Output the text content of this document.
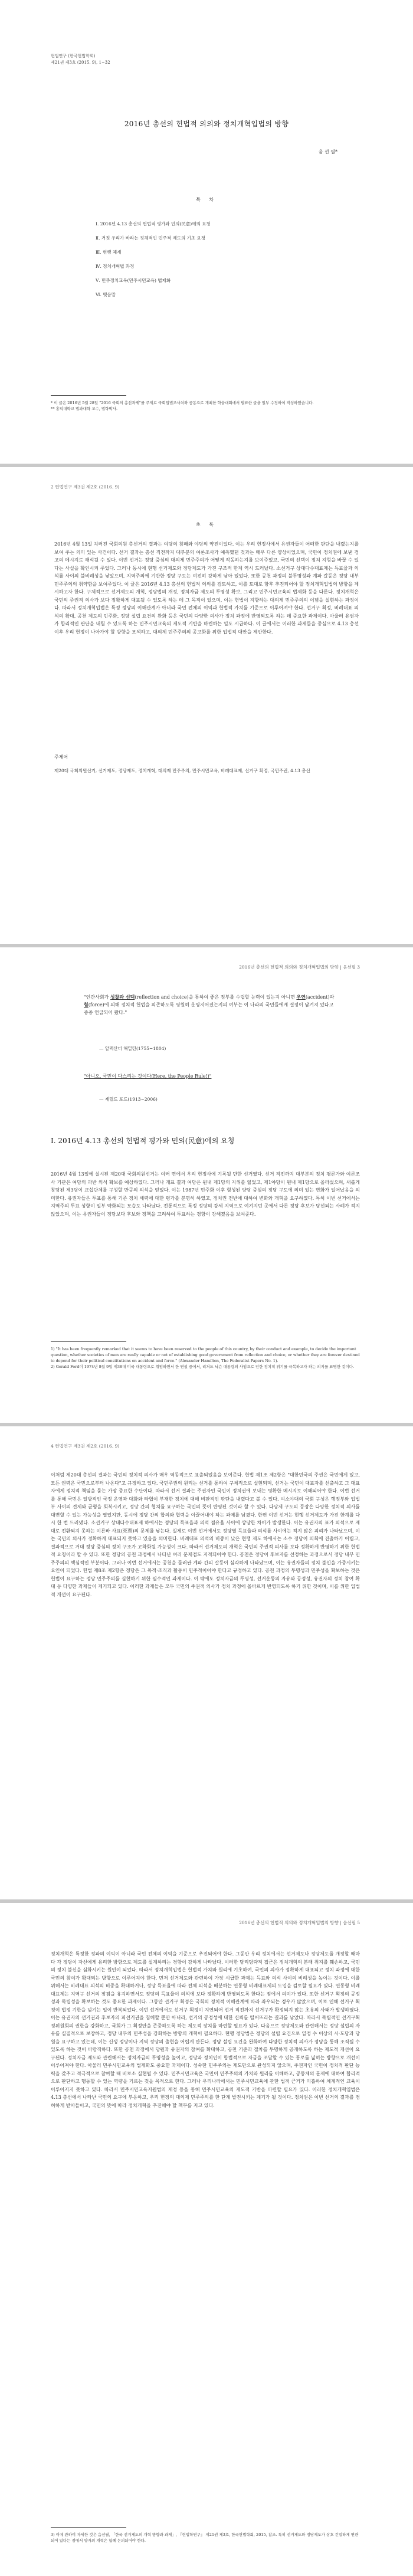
현법연구 (한국헌법학회)
제21권 제3호 (2015. 9), 1~32
2016년 총선의 헌법적 의의와 정치개혁입법의 방향
음 선 필*
목 차
Ⅰ. 2016년 4.13 총선의 헌법적 평가와 민의(民意)에의 요청
Ⅱ. 거짓 우리가 바라는 정체적인 민주적 제도의 기초 요청
Ⅲ. 현행 체계
Ⅳ. 정치개혁법 과정
Ⅴ. 민주정치교육(민주시민교육) 법제화
Ⅵ. 맺음말
* 이 글은 2016년 5월 28일 "2016 국회의 총선과제"를 주제로 국회입법조사처와 공동으로 개최한 학술대회에서 발표한 글을 일부 수정하여 작성하였습니다.
** 홍익대학교 법과대학 교수, 법학박사.
2 헌법연구 제3권 제2호 (2016. 9)
초 록
2016년 4월 13일 치러진 국회의원 총선거의 결과는 여당의 참패와 야당의 약진이었다. 이는 우리 헌정사에서 유권자들이 어떠한 판단을 내렸는지를 보여 주는 의미 있는 사건이다. 선거 결과는 총선 직전까지 대부분의 여론조사가 예측했던 것과는 매우 다른 양상이었으며, 국민이 정치권에 보낸 경고의 메시지로 해석될 수 있다. 이번 선거는 정당 중심의 대의제 민주주의가 어떻게 작동하는지를 보여주었고, 국민의 선택이 정치 지형을 바꿀 수 있다는 사실을 확인시켜 주었다. 그러나 동시에 현행 선거제도와 정당제도가 가진 구조적 한계 역시 드러났다. 소선거구 상대다수대표제는 득표율과 의석률 사이의 불비례성을 낳았으며, 지역주의에 기반한 정당 구도는 여전히 강하게 남아 있었다. 또한 공천 과정의 불투명성과 계파 갈등은 정당 내부 민주주의의 취약함을 보여주었다. 이 글은 2016년 4.13 총선의 헌법적 의의를 검토하고, 이를 토대로 향후 추진되어야 할 정치개혁입법의 방향을 제시하고자 한다. 구체적으로 선거제도의 개혁, 정당법의 개정, 정치자금 제도의 투명성 확보, 그리고 민주시민교육의 법제화 등을 다룬다. 정치개혁은 국민의 주권적 의사가 보다 정확하게 대표될 수 있도록 하는 데 그 목적이 있으며, 이는 헌법이 지향하는 대의제 민주주의의 이념을 실현하는 과정이다. 따라서 정치개혁입법은 특정 정당의 이해관계가 아니라 국민 전체의 이익과 헌법적 가치를 기준으로 이루어져야 한다. 선거구 획정, 비례대표 의석의 확대, 공천 제도의 민주화, 정당 설립 요건의 완화 등은 국민의 다양한 의사가 정치 과정에 반영되도록 하는 데 중요한 과제이다. 아울러 유권자가 합리적인 판단을 내릴 수 있도록 하는 민주시민교육의 제도적 기반을 마련하는 일도 시급하다. 이 글에서는 이러한 과제들을 중심으로 4.13 총선 이후 우리 헌정이 나아가야 할 방향을 모색하고, 대의제 민주주의의 공고화를 위한 입법적 대안을 제안한다.
주제어
제20대 국회의원선거, 선거제도, 정당제도, 정치개혁, 대의제 민주주의, 민주시민교육, 비례대표제, 선거구 획정, 국민주권, 4.13 총선
2016년 총선의 헌법적 의의와 정치개혁입법의 방향 | 음선필 3
"인간사회가 성찰과 선택(reflection and choice)을 통하여 좋은 정부를 수립할 능력이 있는지 아니면 우연(accident)과 힘(force)에 의해 정치적 헌법을 의존하도록 영원히 운명지어졌는지의 여부는 이 나라의 국민들에게 결정이 남겨져 있다고 종종 언급되어 왔다."
— 알렉산더 해밀턴(1755~1804)
"아니오, 국민이 다스리는 것이다(Here, the People Rule!)"
— 제럴드 포드(1913~2006)
Ⅰ. 2016년 4.13 총선의 헌법적 평가와 민의(民意)에의 요청
2016년 4월 13일에 실시된 제20대 국회의원선거는 여러 면에서 우리 헌정사에 기록될 만한 선거였다. 선거 직전까지 대부분의 정치 평론가와 여론조사 기관은 여당의 과반 의석 확보를 예상하였다. 그러나 개표 결과 여당은 원내 제1당의 지위를 잃었고, 제1야당이 원내 제1당으로 올라섰으며, 새롭게 창당된 제3당이 교섭단체를 구성할 만큼의 의석을 얻었다. 이는 1987년 민주화 이후 형성된 양당 중심의 정당 구도에 의미 있는 변화가 일어났음을 의미한다. 유권자들은 투표를 통해 기존 정치 세력에 대한 평가를 분명히 하였고, 정치권 전반에 대하여 변화와 개혁을 요구하였다. 특히 이번 선거에서는 지역주의 투표 성향이 일부 약화되는 모습도 나타났다. 전통적으로 특정 정당의 강세 지역으로 여겨지던 곳에서 다른 정당 후보가 당선되는 사례가 적지 않았으며, 이는 유권자들이 정당보다 후보와 정책을 고려하여 투표하는 경향이 강해졌음을 보여준다.
1) "It has been frequently remarked that it seems to have been reserved to the people of this country, by their conduct and example, to decide the important question, whether societies of men are really capable or not of establishing good government from reflection and choice, or whether they are forever destined to depend for their political constitutions on accident and force." (Alexander Hamilton, The Federalist Papers No. 1).
2) Gerald Ford이 1974년 8월 9일 제38대 미국 대통령으로 취임하면서 한 연설 중에서, 리처드 닉슨 대통령의 사임으로 인한 정치적 위기를 극복하고자 하는 의지를 표명한 것이다.
4 헌법연구 제3권 제2호 (2016. 9)
이처럼 제20대 총선의 결과는 국민의 정치적 의사가 매우 역동적으로 표출되었음을 보여준다. 헌법 제1조 제2항은 "대한민국의 주권은 국민에게 있고, 모든 권력은 국민으로부터 나온다"고 규정하고 있다. 국민주권의 원리는 선거를 통하여 구체적으로 실현되며, 선거는 국민이 대표자를 선출하고 그 대표자에게 정치적 책임을 묻는 가장 중요한 수단이다. 따라서 선거 결과는 주권자인 국민이 정치권에 보내는 명확한 메시지로 이해되어야 한다. 이번 선거를 통해 국민은 일방적인 국정 운영과 대화와 타협이 부재한 정치에 대해 비판적인 판단을 내렸다고 볼 수 있다. 여소야대의 국회 구성은 행정부와 입법부 사이의 견제와 균형을 회복시키고, 정당 간의 협치를 요구하는 국민의 뜻이 반영된 것이라 할 수 있다. 다당제 구도의 등장은 다양한 정치적 의사를 대변할 수 있는 가능성을 열었지만, 동시에 정당 간의 합의와 협력을 이끌어내야 하는 과제를 남겼다. 한편 이번 선거는 현행 선거제도가 가진 한계를 다시 한 번 드러냈다. 소선거구 상대다수대표제 하에서는 정당의 득표율과 의석 점유율 사이에 상당한 차이가 발생한다. 이는 유권자의 표가 의석으로 제대로 전환되지 못하는 이른바 사표(死票)의 문제를 낳는다. 실제로 이번 선거에서도 정당별 득표율과 의석률 사이에는 적지 않은 괴리가 나타났으며, 이는 국민의 의사가 정확하게 대표되지 못하고 있음을 의미한다. 비례대표 의석의 비중이 낮은 현행 제도 하에서는 소수 정당이 의회에 진출하기 어렵고, 결과적으로 거대 정당 중심의 정치 구조가 고착화될 가능성이 크다. 따라서 선거제도의 개혁은 국민의 주권적 의사를 보다 정확하게 반영하기 위한 헌법적 요청이라 할 수 있다. 또한 정당의 공천 과정에서 나타난 여러 문제점도 지적되어야 한다. 공천은 정당이 후보자를 선정하는 과정으로서 정당 내부 민주주의의 핵심적인 부분이다. 그러나 이번 선거에서는 공천을 둘러싼 계파 간의 갈등이 심각하게 나타났으며, 이는 유권자들의 정치 불신을 가중시키는 요인이 되었다. 헌법 제8조 제2항은 정당은 그 목적·조직과 활동이 민주적이어야 한다고 규정하고 있다. 공천 과정의 투명성과 민주성을 확보하는 것은 헌법이 요구하는 정당 민주주의를 실현하기 위한 필수적인 과제이다. 이 밖에도 정치자금의 투명성, 선거운동의 자유와 공정성, 유권자의 정치 참여 확대 등 다양한 과제들이 제기되고 있다. 이러한 과제들은 모두 국민의 주권적 의사가 정치 과정에 올바르게 반영되도록 하기 위한 것이며, 이를 위한 입법적 개선이 요구된다.
2016년 총선의 헌법적 의의와 정치개혁입법의 방향 | 음선필 5
정치개혁은 특정한 정파의 이익이 아니라 국민 전체의 이익을 기준으로 추진되어야 한다. 그동안 우리 정치에서는 선거제도나 정당제도를 개정할 때마다 각 정당이 자신에게 유리한 방향으로 제도를 설계하려는 경향이 강하게 나타났다. 이러한 당리당략적 접근은 정치개혁의 본래 취지를 훼손하고, 국민의 정치 불신을 심화시키는 원인이 되었다. 따라서 정치개혁입법은 헌법적 가치와 원리에 기초하여, 국민의 의사가 정확하게 대표되고 정치 과정에 대한 국민의 참여가 확대되는 방향으로 이루어져야 한다. 먼저 선거제도와 관련하여 가장 시급한 과제는 득표와 의석 사이의 비례성을 높이는 것이다. 이를 위해서는 비례대표 의석의 비중을 확대하거나, 정당 득표율에 따라 전체 의석을 배분하는 연동형 비례대표제의 도입을 검토할 필요가 있다. 연동형 비례대표제는 지역구 선거의 장점을 유지하면서도 정당의 득표율이 의석에 보다 정확하게 반영되도록 한다는 점에서 의미가 있다. 또한 선거구 획정의 공정성과 독립성을 확보하는 것도 중요한 과제이다. 그동안 선거구 획정은 국회의 정치적 이해관계에 따라 좌우되는 경우가 많았으며, 이로 인해 선거구 획정이 법정 기한을 넘기는 일이 반복되었다. 이번 선거에서도 선거구 획정이 지연되어 선거 직전까지 선거구가 확정되지 않는 초유의 사태가 발생하였다. 이는 유권자의 선거권과 후보자의 피선거권을 침해할 뿐만 아니라, 선거의 공정성에 대한 신뢰를 떨어뜨리는 결과를 낳았다. 따라서 독립적인 선거구획정위원회의 권한을 강화하고, 국회가 그 획정안을 존중하도록 하는 제도적 장치를 마련할 필요가 있다. 다음으로 정당제도와 관련해서는 정당 설립의 자유를 실질적으로 보장하고, 정당 내부의 민주성을 강화하는 방향의 개혁이 필요하다. 현행 정당법은 정당의 설립 요건으로 일정 수 이상의 시·도당과 당원을 요구하고 있는데, 이는 신생 정당이나 지역 정당의 출현을 어렵게 만든다. 정당 설립 요건을 완화하여 다양한 정치적 의사가 정당을 통해 조직될 수 있도록 하는 것이 바람직하다. 또한 공천 과정에서 당원과 유권자의 참여를 확대하고, 공천 기준과 절차를 투명하게 공개하도록 하는 제도적 개선이 요구된다. 정치자금 제도와 관련해서는 정치자금의 투명성을 높이고, 정당과 정치인이 합법적으로 자금을 조달할 수 있는 통로를 넓히는 방향으로 개선이 이루어져야 한다. 아울러 민주시민교육의 법제화도 중요한 과제이다. 성숙한 민주주의는 제도만으로 완성되지 않으며, 주권자인 국민이 정치적 판단 능력을 갖추고 적극적으로 참여할 때 비로소 실현될 수 있다. 민주시민교육은 국민이 민주주의의 가치와 원리를 이해하고, 공동체의 문제에 대하여 합리적으로 판단하고 행동할 수 있는 역량을 기르는 것을 목적으로 한다. 그러나 우리나라에서는 민주시민교육에 관한 법적 근거가 미흡하여 체계적인 교육이 이루어지지 못하고 있다. 따라서 민주시민교육지원법의 제정 등을 통해 민주시민교육의 제도적 기반을 마련할 필요가 있다. 이러한 정치개혁입법은 4.13 총선에서 나타난 국민의 요구에 부응하고, 우리 헌정의 대의제 민주주의를 한 단계 발전시키는 계기가 될 것이다. 정치권은 이번 선거의 결과를 겸허하게 받아들이고, 국민의 뜻에 따라 정치개혁을 추진해야 할 책무를 지고 있다.
3) 이에 관하여 자세한 것은 음선필, 「한국 선거제도의 개혁 방향과 과제」, 『헌법학연구』 제21권 제3호, 한국헌법학회, 2015, 참조. 특히 선거제도와 정당제도가 상호 긴밀하게 연관되어 있다는 점에서 양자의 개혁은 함께 논의되어야 한다.
